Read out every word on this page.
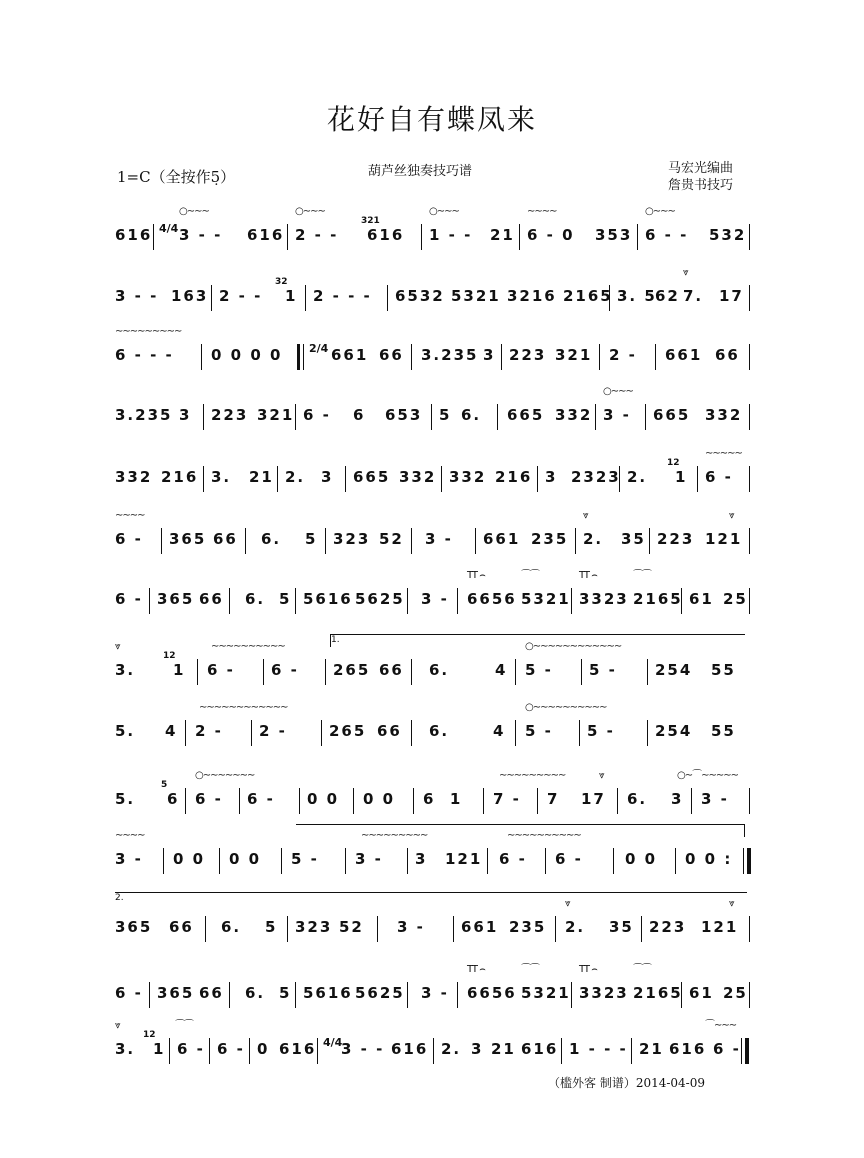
花好自有蝶凤来
1=C（全按作5̣）	葫芦丝独奏技巧谱	马宏光编曲
詹贵书技巧
616 4/4
○∼∼∼
3 - - 616
○∼∼∼
2 - -
321
616
○∼∼∼
1 - - 21
∼∼∼∼
6 - 0 353
○∼∼∼
6 - - 532
3 - - 163 2 - -
32
1 2 - - - 6532 5321 3216 2165 3. 5
62
⩔
7. 17
∼∼∼∼∼∼∼∼∼
6 - - - 0 0 0 0 2/4 661 66 3.235 3 223 321 2 - 661 66
3.235 3 223 321 6 - 6 653 5 6. 665 332
○∼∼∼
3 - 665 332
332 216 3. 21 2. 3 665 332 332 216 3 2323 2.
12
1
∼∼∼∼∼
6 -
∼∼∼∼
6 - 365 66 6. 5 323 52 3 - 661 235
⩔
2. 35 223
⩔
121
6 - 365 66 6. 5 5616 5625 3 -
TT ⌢
6656
⌒⌒
5321
TT ⌢
3323
⌒⌒
2165 61 25
1.
⩔
3.
12
1
∼∼∼∼∼∼∼∼∼∼
6 - 6 - 265 66 6.	4
○∼∼∼∼∼∼∼∼∼∼∼∼
5 - 5 -	254 55
5. 4
∼∼∼∼∼∼∼∼∼∼∼∼
2 - 2 -	265 66 6.	4
○∼∼∼∼∼∼∼∼∼∼
5 - 5 -	254 55
5.
5
6
○∼∼∼∼∼∼∼
6 - 6 - 0 0 0 0 6  1
∼∼∼∼∼∼∼∼∼
7 - 7
⩔
17 6. 3
○∼⌒∼∼∼∼∼
3 -
∼∼∼∼
3 - 0 0 0 0 5 -
∼∼∼∼∼∼∼∼∼
3 - 3 121
∼∼∼∼∼∼∼∼∼∼
6 - 6 -	0 0 0 0 :
2.
365 66 6. 5 323 52 3 - 661 235
⩔
2. 35 223
⩔
121
6 - 365 66 6. 5 5616 5625 3 -
TT ⌢
6656
⌒⌒
5321
TT ⌢
3323
⌒⌒
2165 61 25
⩔
3.
12
1
⌒⌒
6 - 6 - 0 616 4/4
3 - - 616 2. 3 21 616 1 - - - 21 616
⌒∼∼∼
6 -
（槛外客 制谱）2014-04-09
